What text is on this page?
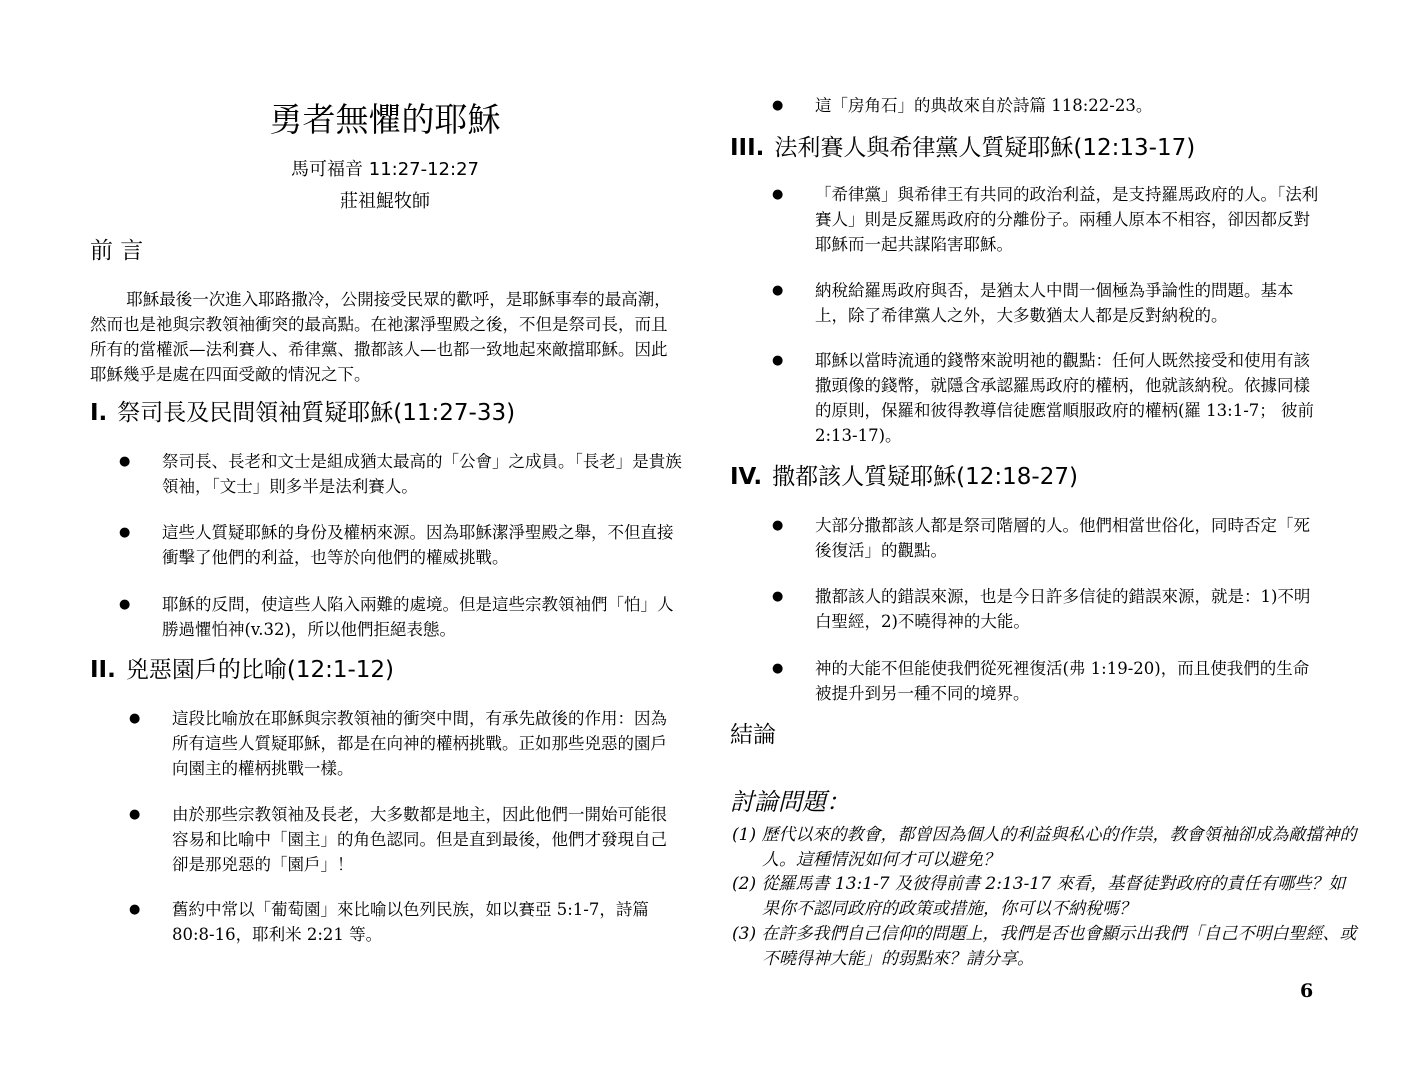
勇者無懼的耶穌
馬可福音 11:27-12:27
莊祖鯤牧師
前 言
耶穌最後一次進入耶路撒冷，公開接受民眾的歡呼，是耶穌事奉的最高潮，然而也是祂與宗教領袖衝突的最高點。在祂潔淨聖殿之後，不但是祭司長，而且所有的當權派—法利賽人、希律黨、撒都該人—也都一致地起來敵擋耶穌。因此耶穌幾乎是處在四面受敵的情況之下。
I. 祭司長及民間領袖質疑耶穌(11:27-33)
● 祭司長、長老和文士是組成猶太最高的「公會」之成員。「長老」是貴族領袖，「文士」則多半是法利賽人。
● 這些人質疑耶穌的身份及權柄來源。因為耶穌潔淨聖殿之舉，不但直接衝擊了他們的利益，也等於向他們的權威挑戰。
● 耶穌的反問，使這些人陷入兩難的處境。但是這些宗教領袖們「怕」人勝過懼怕神(v.32)，所以他們拒絕表態。
II. 兇惡園戶的比喻(12:1-12)
● 這段比喻放在耶穌與宗教領袖的衝突中間，有承先啟後的作用：因為所有這些人質疑耶穌，都是在向神的權柄挑戰。正如那些兇惡的園戶向園主的權柄挑戰一樣。
● 由於那些宗教領袖及長老，大多數都是地主，因此他們一開始可能很容易和比喻中「園主」的角色認同。但是直到最後，他們才發現自己卻是那兇惡的「園戶」！
● 舊約中常以「葡萄園」來比喻以色列民族，如以賽亞 5:1-7，詩篇 80:8-16，耶利米 2:21 等。
● 這「房角石」的典故來自於詩篇 118:22-23。
III. 法利賽人與希律黨人質疑耶穌(12:13-17)
● 「希律黨」與希律王有共同的政治利益，是支持羅馬政府的人。「法利賽人」則是反羅馬政府的分離份子。兩種人原本不相容，卻因都反對耶穌而一起共謀陷害耶穌。
● 納稅給羅馬政府與否，是猶太人中間一個極為爭論性的問題。基本上，除了希律黨人之外，大多數猶太人都是反對納稅的。
● 耶穌以當時流通的錢幣來說明祂的觀點：任何人既然接受和使用有該撒頭像的錢幣，就隱含承認羅馬政府的權柄，他就該納稅。依據同樣的原則，保羅和彼得教導信徒應當順服政府的權柄(羅 13:1-7； 彼前 2:13-17)。
IV. 撒都該人質疑耶穌(12:18-27)
● 大部分撒都該人都是祭司階層的人。他們相當世俗化，同時否定「死後復活」的觀點。
● 撒都該人的錯誤來源，也是今日許多信徒的錯誤來源，就是：1)不明白聖經，2)不曉得神的大能。
● 神的大能不但能使我們從死裡復活(弗 1:19-20)，而且使我們的生命被提升到另一種不同的境界。
結論
討論問題：
(1) 歷代以來的教會，都曾因為個人的利益與私心的作祟，教會領袖卻成為敵擋神的人。這種情況如何才可以避免？
(2) 從羅馬書 13:1-7 及彼得前書 2:13-17 來看，基督徒對政府的責任有哪些？如果你不認同政府的政策或措施，你可以不納稅嗎？
(3) 在許多我們自己信仰的問題上，我們是否也會顯示出我們「自己不明白聖經、或不曉得神大能」的弱點來？請分享。
6
